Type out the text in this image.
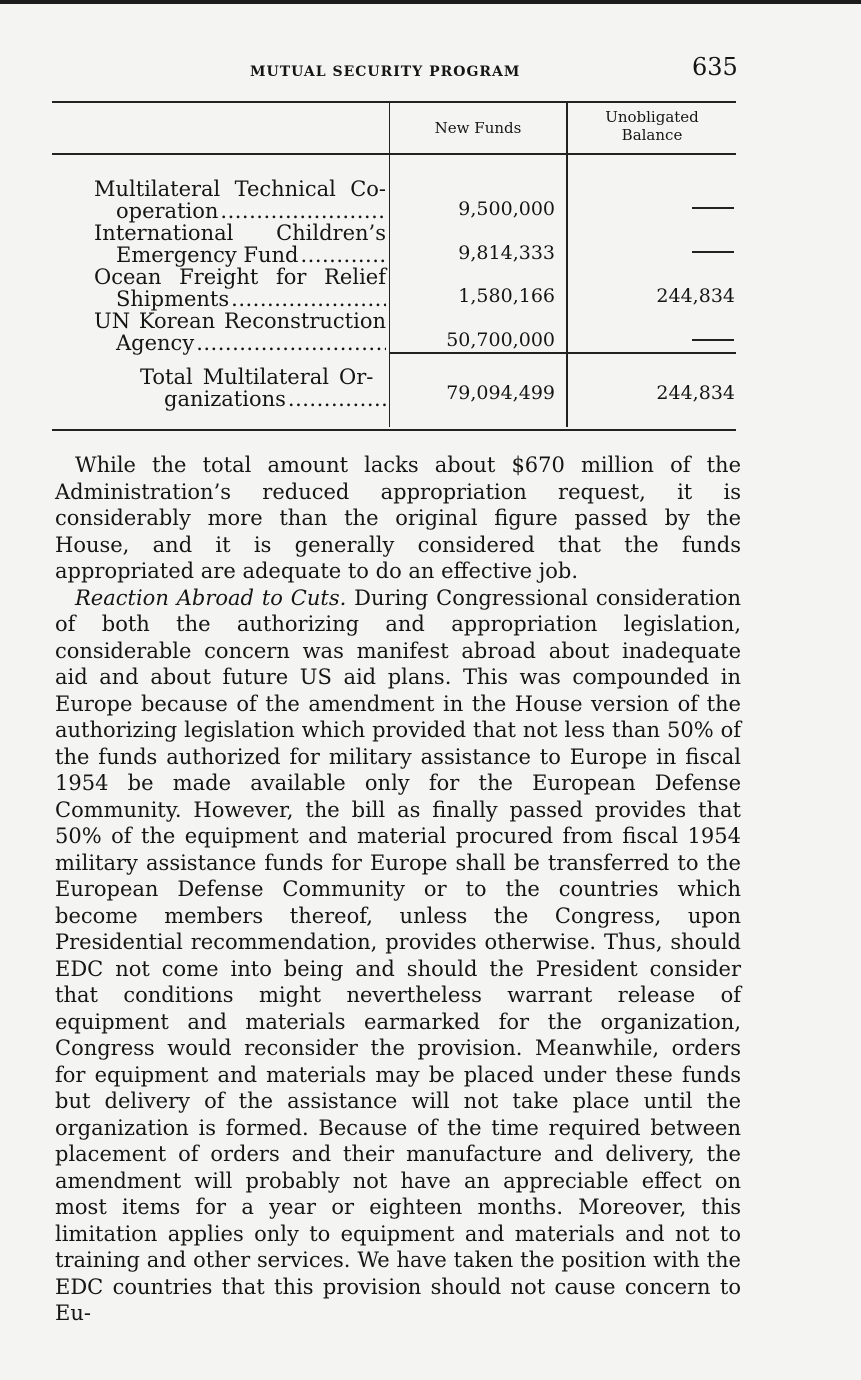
MUTUAL SECURITY PROGRAM	635
New Funds
Unobligated
Balance
Multilateral Technical Co-
operation .....	9,500,000
International Children’s
Emergency Fund .....	9,814,333
Ocean Freight for Relief
Shipments .....	1,580,166	244,834
UN Korean Reconstruction
Agency .....	50,700,000
Total Multilateral Or-
ganizations .....	79,094,499	244,834

While the total amount lacks about $670 million of the Administration’s reduced appropriation request, it is considerably more than the original figure passed by the House, and it is generally considered that the funds appropriated are adequate to do an effective job.

Reaction Abroad to Cuts. During Congressional consideration of both the authorizing and appropriation legislation, considerable concern was manifest abroad about inadequate aid and about future US aid plans. This was compounded in Europe because of the amendment in the House version of the authorizing legislation which provided that not less than 50% of the funds authorized for military assistance to Europe in fiscal 1954 be made available only for the European Defense Community. However, the bill as finally passed provides that 50% of the equipment and material procured from fiscal 1954 military assistance funds for Europe shall be transferred to the European Defense Community or to the countries which become members thereof, unless the Congress, upon Presidential recommendation, provides otherwise. Thus, should EDC not come into being and should the President consider that conditions might nevertheless warrant release of equipment and materials earmarked for the organization, Congress would reconsider the provision. Meanwhile, orders for equipment and materials may be placed under these funds but delivery of the assistance will not take place until the organization is formed. Because of the time required between placement of orders and their manufacture and delivery, the amendment will probably not have an appreciable effect on most items for a year or eighteen months. Moreover, this limitation applies only to equipment and materials and not to training and other services. We have taken the position with the EDC countries that this provision should not cause concern to Eu-
